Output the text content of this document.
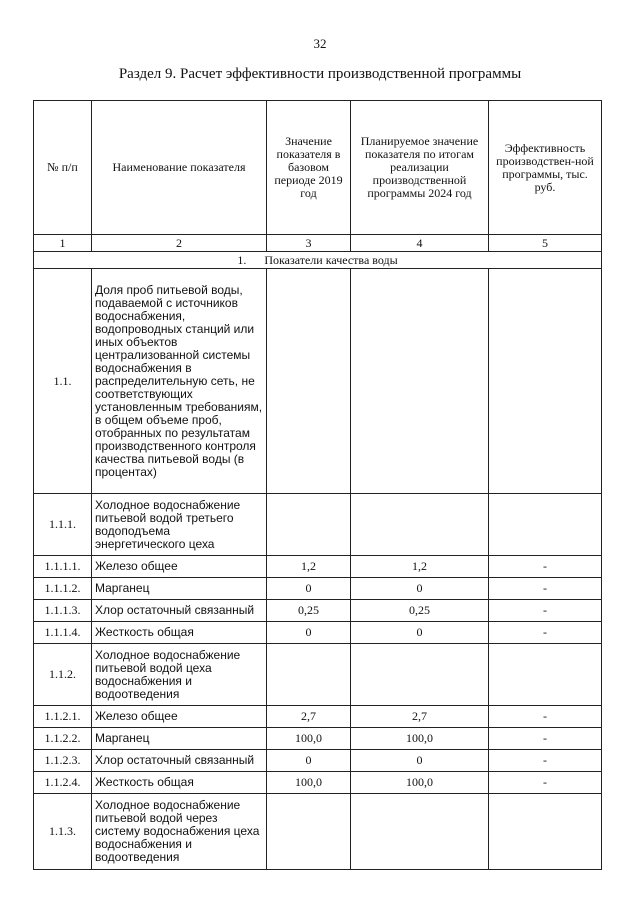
32
Раздел 9. Расчет эффективности производственной программы
№ п/п	Наименование показателя	Значение показателя в базовом периоде 2019 год	Планируемое значение показателя по итогам реализации производственной программы 2024 год	Эффективность производствен-ной программы, тыс. руб.
1	2	3	4	5
1.      Показатели качества воды				
1.1.	Доля проб питьевой воды, подаваемой с источников водоснабжения, водопроводных станций или иных объектов централизованной системы водоснабжения в распределительную сеть, не соответствующих установленным требованиям, в общем объеме проб, отобранных по результатам производственного контроля качества питьевой воды (в процентах)			
1.1.1.	Холодное водоснабжение питьевой водой третьего водоподъема энергетического цеха			
1.1.1.1.	Железо общее	1,2	1,2	-
1.1.1.2.	Марганец	0	0	-
1.1.1.3.	Хлор остаточный связанный	0,25	0,25	-
1.1.1.4.	Жесткость общая	0	0	-
1.1.2.	Холодное водоснабжение питьевой водой цеха водоснабжения и водоотведения			
1.1.2.1.	Железо общее	2,7	2,7	-
1.1.2.2.	Марганец	100,0	100,0	-
1.1.2.3.	Хлор остаточный связанный	0	0	-
1.1.2.4.	Жесткость общая	100,0	100,0	-
1.1.3.	Холодное водоснабжение питьевой водой через систему водоснабжения цеха водоснабжения и водоотведения			
